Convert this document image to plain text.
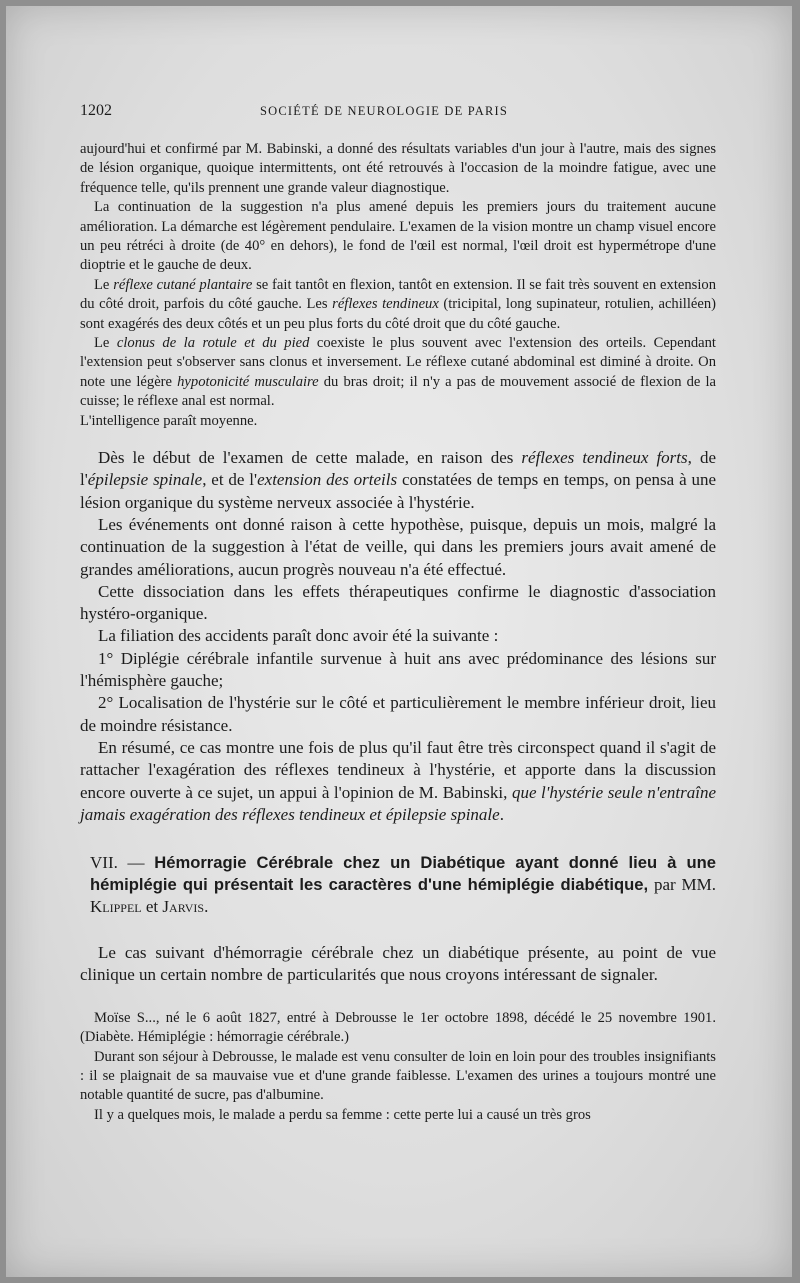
1202	SOCIÉTÉ DE NEUROLOGIE DE PARIS

aujourd'hui et confirmé par M. Babinski, a donné des résultats variables d'un jour à l'autre, mais des signes de lésion organique, quoique intermittents, ont été retrouvés à l'occasion de la moindre fatigue, avec une fréquence telle, qu'ils prennent une grande valeur diagnostique.

La continuation de la suggestion n'a plus amené depuis les premiers jours du traitement aucune amélioration. La démarche est légèrement pendulaire. L'examen de la vision montre un champ visuel encore un peu rétréci à droite (de 40° en dehors), le fond de l'œil est normal, l'œil droit est hypermétrope d'une dioptrie et le gauche de deux.

Le réflexe cutané plantaire se fait tantôt en flexion, tantôt en extension. Il se fait très souvent en extension du côté droit, parfois du côté gauche. Les réflexes tendineux (tricipital, long supinateur, rotulien, achilléen) sont exagérés des deux côtés et un peu plus forts du côté droit que du côté gauche.

Le clonus de la rotule et du pied coexiste le plus souvent avec l'extension des orteils. Cependant l'extension peut s'observer sans clonus et inversement. Le réflexe cutané abdominal est diminé à droite. On note une légère hypotonicité musculaire du bras droit; il n'y a pas de mouvement associé de flexion de la cuisse; le réflexe anal est normal.

L'intelligence paraît moyenne.

Dès le début de l'examen de cette malade, en raison des réflexes tendineux forts, de l'épilepsie spinale, et de l'extension des orteils constatées de temps en temps, on pensa à une lésion organique du système nerveux associée à l'hystérie.

Les événements ont donné raison à cette hypothèse, puisque, depuis un mois, malgré la continuation de la suggestion à l'état de veille, qui dans les premiers jours avait amené de grandes améliorations, aucun progrès nouveau n'a été effectué.

Cette dissociation dans les effets thérapeutiques confirme le diagnostic d'association hystéro-organique.

La filiation des accidents paraît donc avoir été la suivante :

1° Diplégie cérébrale infantile survenue à huit ans avec prédominance des lésions sur l'hémisphère gauche;

2° Localisation de l'hystérie sur le côté et particulièrement le membre inférieur droit, lieu de moindre résistance.

En résumé, ce cas montre une fois de plus qu'il faut être très circonspect quand il s'agit de rattacher l'exagération des réflexes tendineux à l'hystérie, et apporte dans la discussion encore ouverte à ce sujet, un appui à l'opinion de M. Babinski, que l'hystérie seule n'entraîne jamais exagération des réflexes tendineux et épilepsie spinale.

VII. — Hémorragie Cérébrale chez un Diabétique ayant donné lieu à une hémiplégie qui présentait les caractères d'une hémiplégie diabétique, par MM. Klippel et Jarvis.

Le cas suivant d'hémorragie cérébrale chez un diabétique présente, au point de vue clinique un certain nombre de particularités que nous croyons intéressant de signaler.

Moïse S..., né le 6 août 1827, entré à Debrousse le 1er octobre 1898, décédé le 25 novembre 1901. (Diabète. Hémiplégie : hémorragie cérébrale.)

Durant son séjour à Debrousse, le malade est venu consulter de loin en loin pour des troubles insignifiants : il se plaignait de sa mauvaise vue et d'une grande faiblesse. L'examen des urines a toujours montré une notable quantité de sucre, pas d'albumine.

Il y a quelques mois, le malade a perdu sa femme : cette perte lui a causé un très gros
